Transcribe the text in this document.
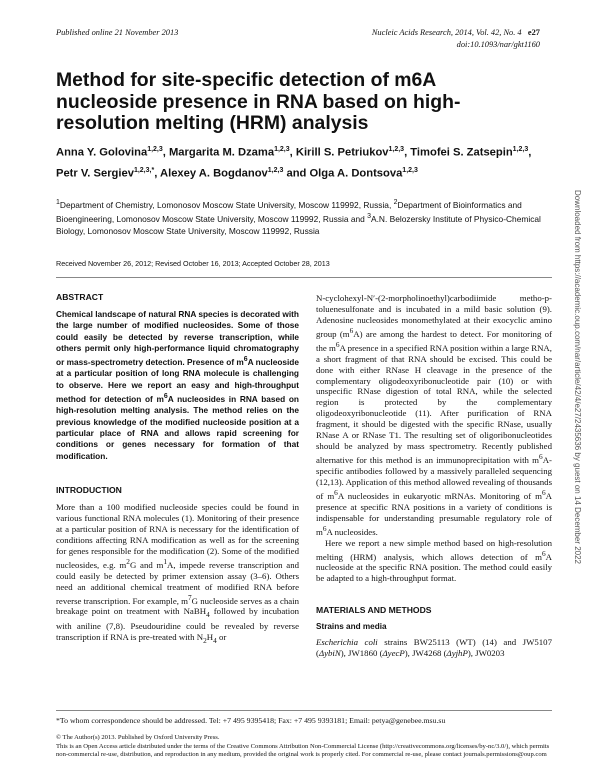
Published online 21 November 2013	Nucleic Acids Research, 2014, Vol. 42, No. 4 e27
doi:10.1093/nar/gkt1160
Method for site-specific detection of m6A nucleoside presence in RNA based on high-resolution melting (HRM) analysis
Anna Y. Golovina$^{1,2,3}$, Margarita M. Dzama$^{1,2,3}$, Kirill S. Petriukov$^{1,2,3}$, Timofei S. Zatsepin$^{1,2,3}$, Petr V. Sergiev$^{1,2,3,*}$, Alexey A. Bogdanov$^{1,2,3}$ and Olga A. Dontsova$^{1,2,3}$
$^1$Department of Chemistry, Lomonosov Moscow State University, Moscow 119992, Russia, $^2$Department of Bioinformatics and Bioengineering, Lomonosov Moscow State University, Moscow 119992, Russia and $^3$A.N. Belozersky Institute of Physico-Chemical Biology, Lomonosov Moscow State University, Moscow 119992, Russia
Received November 26, 2012; Revised October 16, 2013; Accepted October 28, 2013
ABSTRACT

Chemical landscape of natural RNA species is decorated with the large number of modified nucleosides. Some of those could easily be detected by reverse transcription, while others permit only high-performance liquid chromatography or mass-spectrometry detection. Presence of $m^6A$ nucleoside at a particular position of long RNA molecule is challenging to observe. Here we report an easy and high-throughput method for detection of $m^6A$ nucleosides in RNA based on high-resolution melting analysis. The method relies on the previous knowledge of the modified nucleoside position at a particular place of RNA and allows rapid screening for conditions or genes necessary for formation of that modification.

INTRODUCTION

More than a 100 modified nucleoside species could be found in various functional RNA molecules (1). Monitoring of their presence at a particular position of RNA is necessary for the identification of conditions affecting RNA modification as well as for the screening for genes responsible for the modification (2). Some of the modified nucleosides, e.g. $m^2G$ and $m^1A$, impede reverse transcription and could easily be detected by primer extension assay (3–6). Others need an additional chemical treatment of modified RNA before reverse transcription. For example, $m^7G$ nucleoside serves as a chain breakage point on treatment with NaBH$_4$ followed by incubation with aniline (7,8). Pseudouridine could be revealed by reverse transcription if RNA is pre-treated with $N_2H_4$ or

N-cyclohexyl-N′-(2-morpholinoethyl)carbodiimide metho-p-toluenesulfonate and is incubated in a mild basic solution (9). Adenosine nucleosides monomethylated at their exocyclic amino group $(m^6A)$ are among the hardest to detect. For monitoring of the $m^6A$ presence in a specified RNA position within a large RNA, a short fragment of that RNA should be excised. This could be done with either RNase H cleavage in the presence of the complementary oligodeoxyribonucleotide pair (10) or with unspecific RNase digestion of total RNA, while the selected region is protected by the complementary oligodeoxyribonucleotide (11). After purification of RNA fragment, it should be digested with the specific RNase, usually RNase A or RNase T1. The resulting set of oligoribonucleotides should be analyzed by mass spectrometry. Recently published alternative for this method is an immunoprecipitation with $m^6A$-specific antibodies followed by a massively paralleled sequencing (12,13). Application of this method allowed revealing of thousands of $m^6A$ nucleosides in eukaryotic mRNAs. Monitoring of $m^6A$ presence at specific RNA positions in a variety of conditions is indispensable for understanding presumable regulatory role of $m^6A$ nucleosides.

Here we report a new simple method based on high-resolution melting (HRM) analysis, which allows detection of $m^6A$ nucleoside at the specific RNA position. The method could easily be adapted to a high-throughput format.

MATERIALS AND METHODS
Strains and media

Escherichia coli strains BW25113 (WT) (14) and JW5107 (ΔybiN), JW1860 (ΔyecP), JW4268 (ΔyjhP), JW0203

*To whom correspondence should be addressed. Tel: +7 495 9395418; Fax: +7 495 9393181; Email: petya@genebee.msu.su
© The Author(s) 2013. Published by Oxford University Press.
This is an Open Access article distributed under the terms of the Creative Commons Attribution Non-Commercial License (http://creativecommons.org/licenses/by-nc/3.0/), which permits non-commercial re-use, distribution, and reproduction in any medium, provided the original work is properly cited. For commercial re-use, please contact journals.permissions@oup.com
Downloaded from https://academic.oup.com/nar/article/42/4/e27/2435636 by guest on 14 December 2022
